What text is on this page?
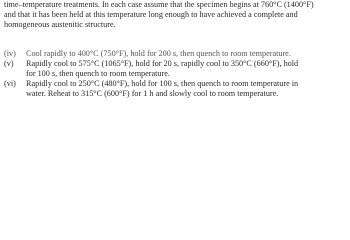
time–temperature treatments. In each case assume that the specimen begins at 760°C (1400°F)
and that it has been held at this temperature long enough to have achieved a complete and
homogeneous austenitic structure.
(iv)	Cool rapidly to 400°C (750°F), hold for 200 s, then quench to room temperature.
(v)	Rapidly cool to 575°C (1065°F), hold for 20 s, rapidly cool to 350°C (660°F), hold
for 100 s, then quench to room temperature.
(vi)	Rapidly cool to 250°C (480°F), hold for 100 s, then quench to room temperature in
water. Reheat to 315°C (600°F) for 1 h and slowly cool to room temperature.
